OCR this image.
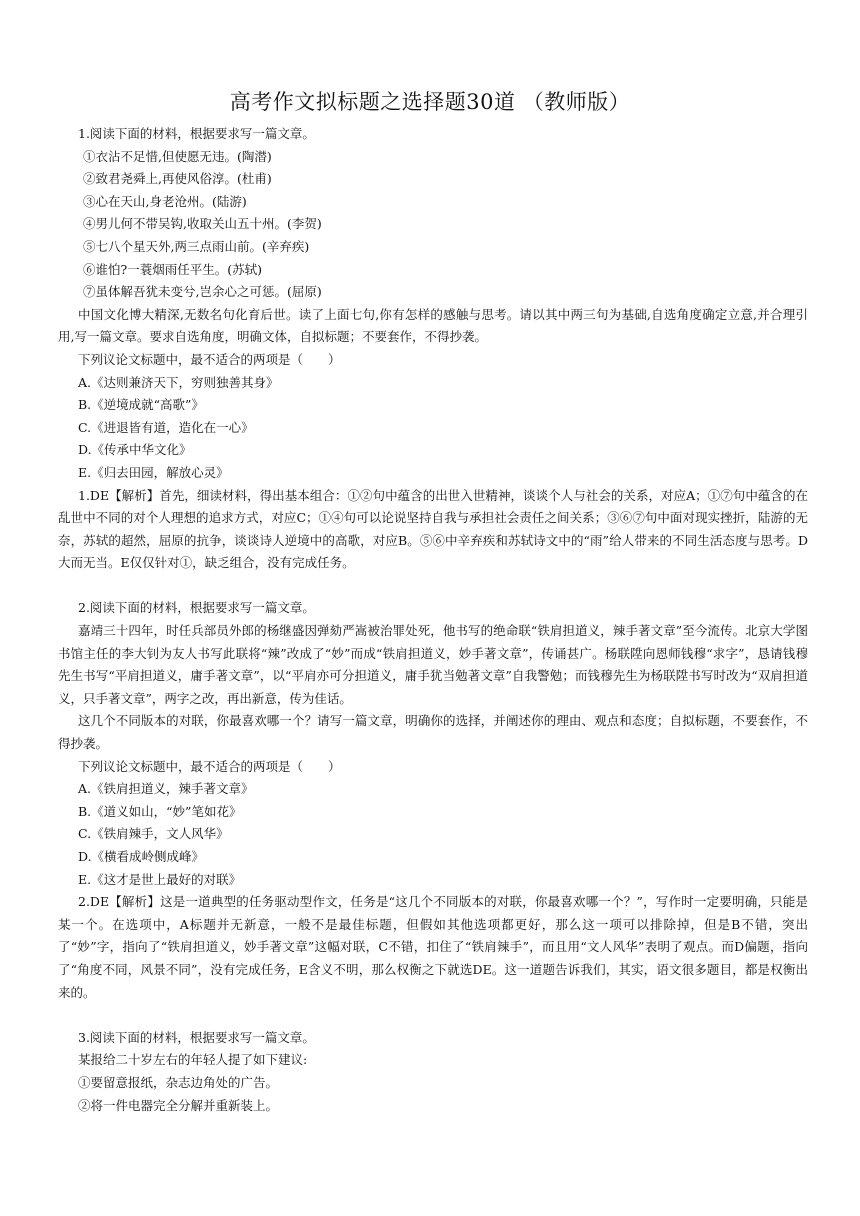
高考作文拟标题之选择题30道 （教师版）

1.阅读下面的材料，根据要求写一篇文章。

①衣沾不足惜,但使愿无违。(陶潜)

②致君尧舜上,再使风俗淳。(杜甫)

③心在天山,身老沧州。(陆游)

④男儿何不带吴钩,收取关山五十州。(李贺)

⑤七八个星天外,两三点雨山前。(辛弃疾)

⑥谁怕?一蓑烟雨任平生。(苏轼)

⑦虽体解吾犹未变兮,岂余心之可惩。(屈原)

中国文化博大精深,无数名句化育后世。读了上面七句,你有怎样的感触与思考。请以其中两三句为基础,自选角度确定立意,并合理引用,写一篇文章。要求自选角度，明确文体，自拟标题；不要套作，不得抄袭。

下列议论文标题中，最不适合的两项是（　　）

A.《达则兼济天下，穷则独善其身》

B.《逆境成就“高歌”》

C.《进退皆有道，造化在一心》

D.《传承中华文化》

E.《归去田园，解放心灵》

1.DE【解析】首先，细读材料，得出基本组合：①②句中蕴含的出世入世精神，谈谈个人与社会的关系，对应A；①⑦句中蕴含的在乱世中不同的对个人理想的追求方式，对应C；①④句可以论说坚持自我与承担社会责任之间关系；③⑥⑦句中面对现实挫折，陆游的无奈，苏轼的超然，屈原的抗争，谈谈诗人逆境中的高歌，对应B。⑤⑥中辛弃疾和苏轼诗文中的“雨”给人带来的不同生活态度与思考。D大而无当。E仅仅针对①，缺乏组合，没有完成任务。

2.阅读下面的材料，根据要求写一篇文章。

嘉靖三十四年，时任兵部员外郎的杨继盛因弹劾严嵩被治罪处死，他书写的绝命联“铁肩担道义，辣手著文章”至今流传。北京大学图书馆主任的李大钊为友人书写此联将“辣”改成了“妙”而成“铁肩担道义，妙手著文章”，传诵甚广。杨联陞向恩师钱穆“求字”，恳请钱穆先生书写“平肩担道义，庸手著文章”，以“平肩亦可分担道义，庸手犹当勉著文章”自我警勉；而钱穆先生为杨联陞书写时改为“双肩担道义，只手著文章”，两字之改，再出新意，传为佳话。

这几个不同版本的对联，你最喜欢哪一个？请写一篇文章，明确你的选择，并阐述你的理由、观点和态度；自拟标题，不要套作，不得抄袭。

下列议论文标题中，最不适合的两项是（　　）

A.《铁肩担道义，辣手著文章》

B.《道义如山，“妙”笔如花》

C.《铁肩辣手，文人风华》

D.《横看成岭侧成峰》

E.《这才是世上最好的对联》

2.DE【解析】这是一道典型的任务驱动型作文，任务是“这几个不同版本的对联，你最喜欢哪一个？”，写作时一定要明确，只能是某一个。在选项中，A标题并无新意，一般不是最佳标题，但假如其他选项都更好，那么这一项可以排除掉，但是B不错，突出了“妙”字，指向了“铁肩担道义，妙手著文章”这幅对联，C不错，扣住了“铁肩辣手”，而且用“文人风华”表明了观点。而D偏题，指向了“角度不同，风景不同”，没有完成任务，E含义不明，那么权衡之下就选DE。这一道题告诉我们，其实，语文很多题目，都是权衡出来的。

3.阅读下面的材料，根据要求写一篇文章。

某报给二十岁左右的年轻人提了如下建议:

①要留意报纸，杂志边角处的广告。

②将一件电器完全分解并重新装上。
